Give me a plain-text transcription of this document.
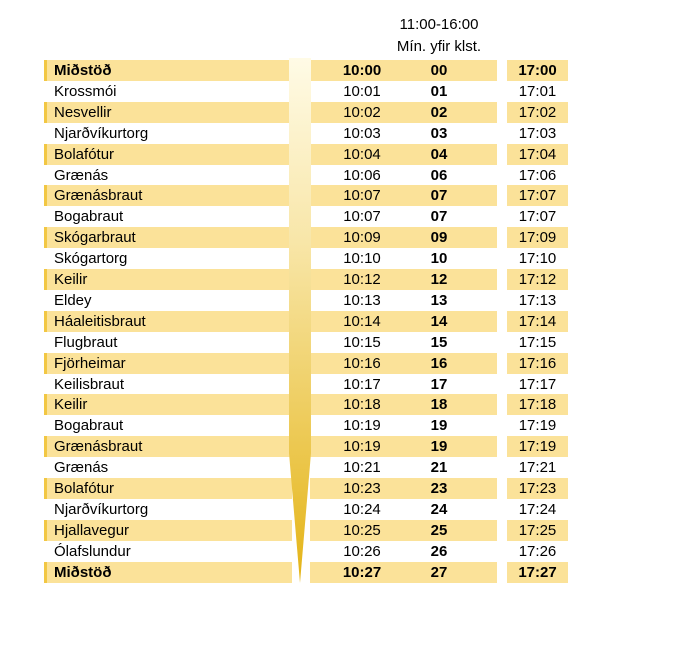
11:00-16:00
Mín. yfir klst.
Miðstöð	10:00	00	17:00
Krossmói	10:01	01	17:01
Nesvellir	10:02	02	17:02
Njarðvíkurtorg	10:03	03	17:03
Bolafótur	10:04	04	17:04
Grænás	10:06	06	17:06
Grænásbraut	10:07	07	17:07
Bogabraut	10:07	07	17:07
Skógarbraut	10:09	09	17:09
Skógartorg	10:10	10	17:10
Keilir	10:12	12	17:12
Eldey	10:13	13	17:13
Háaleitisbraut	10:14	14	17:14
Flugbraut	10:15	15	17:15
Fjörheimar	10:16	16	17:16
Keilisbraut	10:17	17	17:17
Keilir	10:18	18	17:18
Bogabraut	10:19	19	17:19
Grænásbraut	10:19	19	17:19
Grænás	10:21	21	17:21
Bolafótur	10:23	23	17:23
Njarðvíkurtorg	10:24	24	17:24
Hjallavegur	10:25	25	17:25
Ólafslundur	10:26	26	17:26
Miðstöð	10:27	27	17:27
